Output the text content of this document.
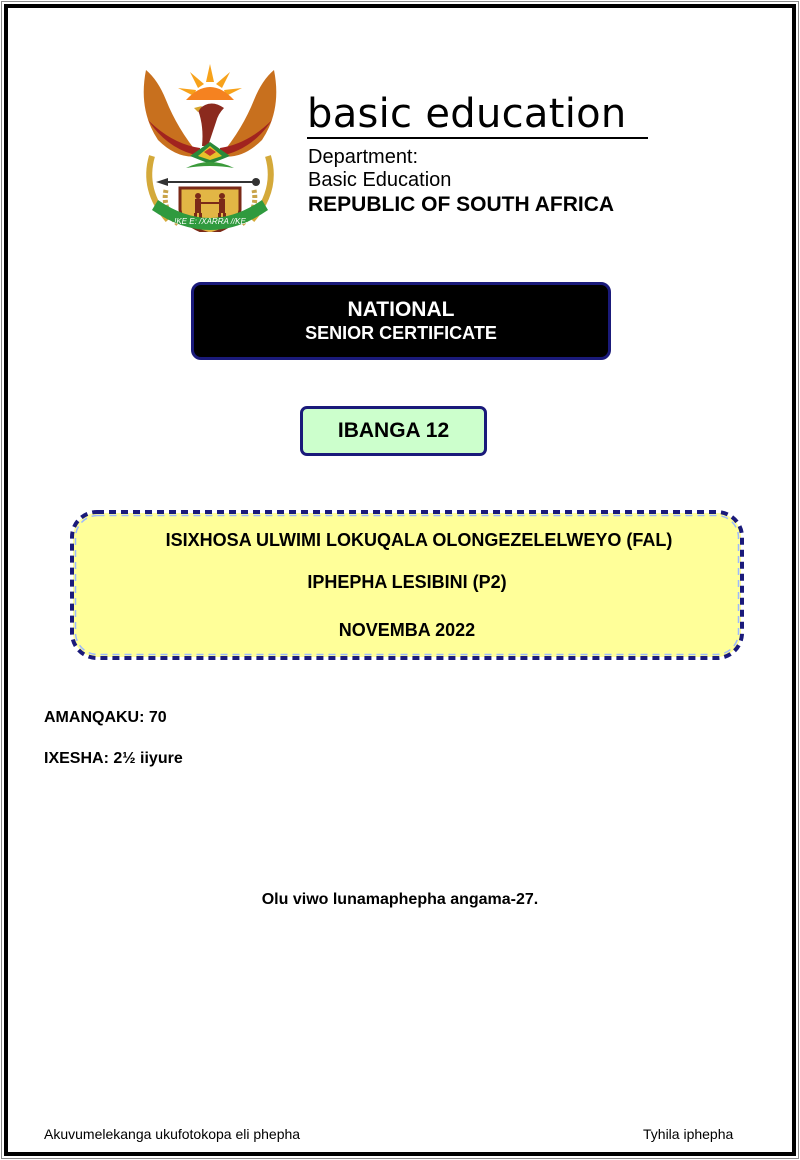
!KE E: /XARRA //KE
basic education
Department:
Basic Education
REPUBLIC OF SOUTH AFRICA
NATIONAL
SENIOR CERTIFICATE
IBANGA 12
ISIXHOSA ULWIMI LOKUQALA OLONGEZELELWEYO (FAL)
IPHEPHA LESIBINI (P2)
NOVEMBA 2022
AMANQAKU: 70
IXESHA: 2½ iiyure
Olu viwo lunamaphepha angama-27.
Akuvumelekanga ukufotokopa eli phepha	Tyhila iphepha
